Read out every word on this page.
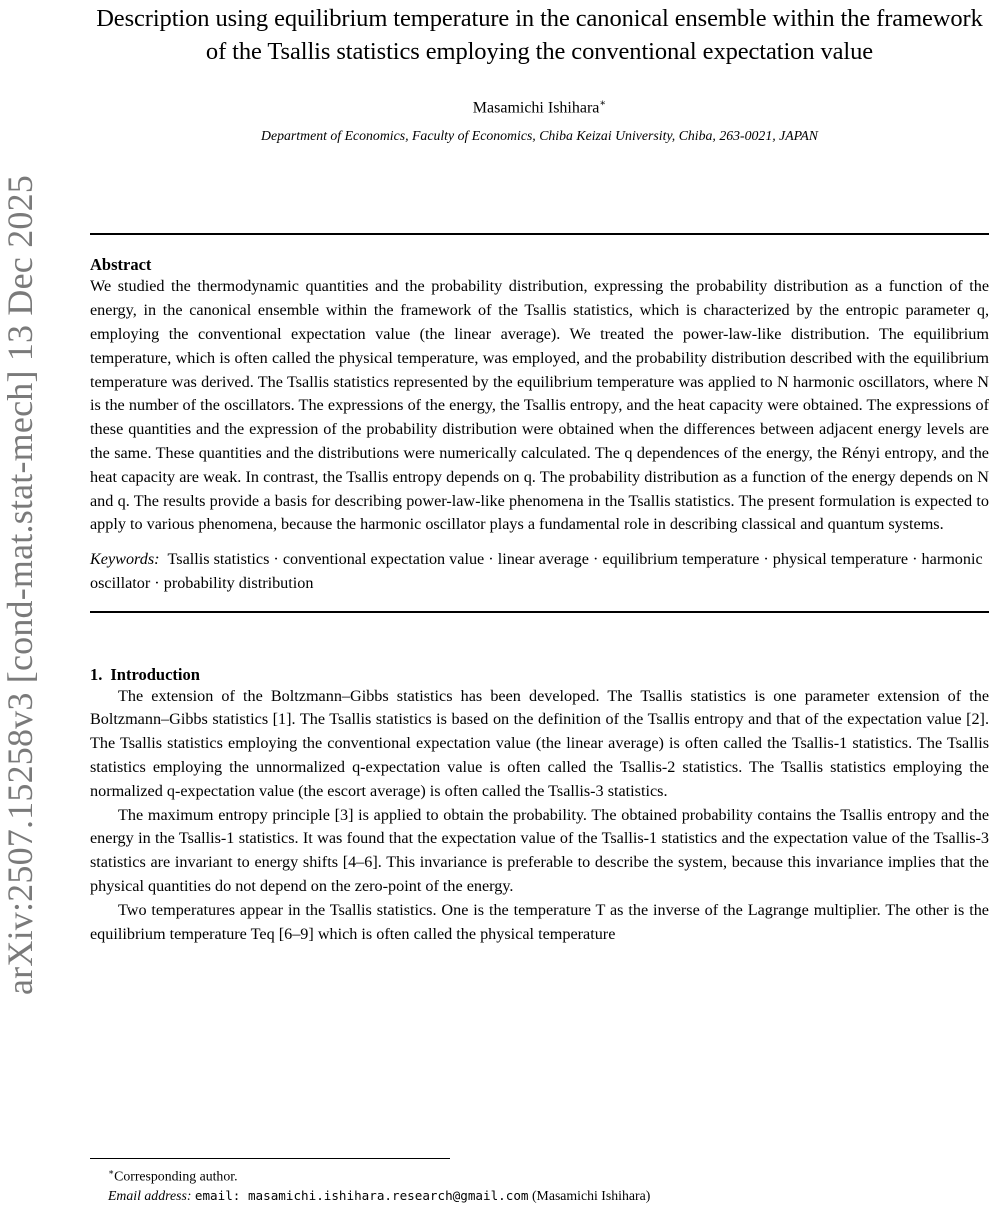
arXiv:2507.15258v3 [cond-mat.stat-mech] 13 Dec 2025
Description using equilibrium temperature in the canonical ensemble within the framework of the Tsallis statistics employing the conventional expectation value
Masamichi Ishihara∗
Department of Economics, Faculty of Economics, Chiba Keizai University, Chiba, 263-0021, JAPAN
Abstract

We studied the thermodynamic quantities and the probability distribution, expressing the probability distribution as a function of the energy, in the canonical ensemble within the framework of the Tsallis statistics, which is characterized by the entropic parameter q, employing the conventional expectation value (the linear average). We treated the power-law-like distribution. The equilibrium temperature, which is often called the physical temperature, was employed, and the probability distribution described with the equilibrium temperature was derived. The Tsallis statistics represented by the equilibrium temperature was applied to N harmonic oscillators, where N is the number of the oscillators. The expressions of the energy, the Tsallis entropy, and the heat capacity were obtained. The expressions of these quantities and the expression of the probability distribution were obtained when the differences between adjacent energy levels are the same. These quantities and the distributions were numerically calculated. The q dependences of the energy, the Rényi entropy, and the heat capacity are weak. In contrast, the Tsallis entropy depends on q. The probability distribution as a function of the energy depends on N and q. The results provide a basis for describing power-law-like phenomena in the Tsallis statistics. The present formulation is expected to apply to various phenomena, because the harmonic oscillator plays a fundamental role in describing classical and quantum systems.

Keywords: Tsallis statistics · conventional expectation value · linear average · equilibrium temperature · physical temperature · harmonic oscillator · probability distribution
1. Introduction

The extension of the Boltzmann–Gibbs statistics has been developed. The Tsallis statistics is one parameter extension of the Boltzmann–Gibbs statistics [1]. The Tsallis statistics is based on the definition of the Tsallis entropy and that of the expectation value [2]. The Tsallis statistics employing the conventional expectation value (the linear average) is often called the Tsallis-1 statistics. The Tsallis statistics employing the unnormalized q-expectation value is often called the Tsallis-2 statistics. The Tsallis statistics employing the normalized q-expectation value (the escort average) is often called the Tsallis-3 statistics.

The maximum entropy principle [3] is applied to obtain the probability. The obtained probability contains the Tsallis entropy and the energy in the Tsallis-1 statistics. It was found that the expectation value of the Tsallis-1 statistics and the expectation value of the Tsallis-3 statistics are invariant to energy shifts [4–6]. This invariance is preferable to describe the system, because this invariance implies that the physical quantities do not depend on the zero-point of the energy.

Two temperatures appear in the Tsallis statistics. One is the temperature T as the inverse of the Lagrange multiplier. The other is the equilibrium temperature Teq [6–9] which is often called the physical temperature

∗Corresponding author.
Email address: email: masamichi.ishihara.research@gmail.com (Masamichi Ishihara)
